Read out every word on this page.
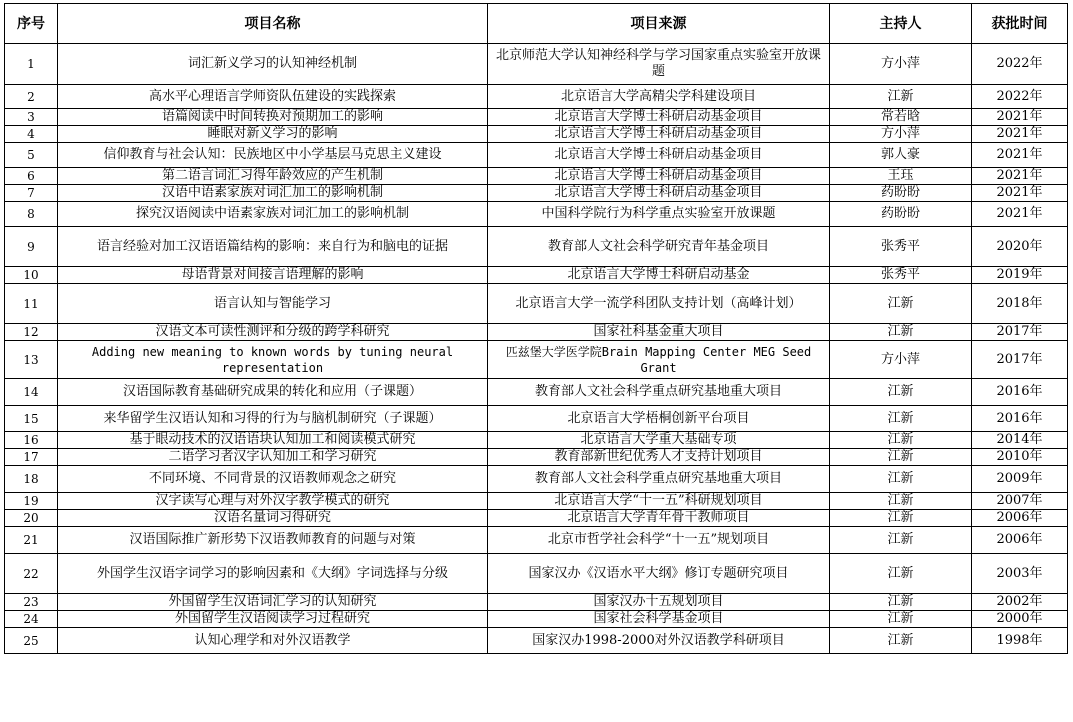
序号	项目名称	项目来源	主持人	获批时间
1	词汇新义学习的认知神经机制	北京师范大学认知神经科学与学习国家重点实验室开放课题	方小萍	2022年
2	高水平心理语言学师资队伍建设的实践探索	北京语言大学高精尖学科建设项目	江新	2022年
3	语篇阅读中时间转换对预期加工的影响	北京语言大学博士科研启动基金项目	常若晗	2021年
4	睡眠对新义学习的影响	北京语言大学博士科研启动基金项目	方小萍	2021年
5	信仰教育与社会认知：民族地区中小学基层马克思主义建设	北京语言大学博士科研启动基金项目	郭人豪	2021年
6	第二语言词汇习得年龄效应的产生机制	北京语言大学博士科研启动基金项目	王珏	2021年
7	汉语中语素家族对词汇加工的影响机制	北京语言大学博士科研启动基金项目	药盼盼	2021年
8	探究汉语阅读中语素家族对词汇加工的影响机制	中国科学院行为科学重点实验室开放课题	药盼盼	2021年
9	语言经验对加工汉语语篇结构的影响：来自行为和脑电的证据	教育部人文社会科学研究青年基金项目	张秀平	2020年
10	母语背景对间接言语理解的影响	北京语言大学博士科研启动基金	张秀平	2019年
11	语言认知与智能学习	北京语言大学一流学科团队支持计划（高峰计划）	江新	2018年
12	汉语文本可读性测评和分级的跨学科研究	国家社科基金重大项目	江新	2017年
13	Adding new meaning to known words by tuning neural representation	匹兹堡大学医学院Brain Mapping Center MEG Seed Grant	方小萍	2017年
14	汉语国际教育基础研究成果的转化和应用（子课题）	教育部人文社会科学重点研究基地重大项目	江新	2016年
15	来华留学生汉语认知和习得的行为与脑机制研究（子课题）	北京语言大学梧桐创新平台项目	江新	2016年
16	基于眼动技术的汉语语块认知加工和阅读模式研究	北京语言大学重大基础专项	江新	2014年
17	二语学习者汉字认知加工和学习研究	教育部新世纪优秀人才支持计划项目	江新	2010年
18	不同环境、不同背景的汉语教师观念之研究	教育部人文社会科学重点研究基地重大项目	江新	2009年
19	汉字读写心理与对外汉字教学模式的研究	北京语言大学“十一五”科研规划项目	江新	2007年
20	汉语名量词习得研究	北京语言大学青年骨干教师项目	江新	2006年
21	汉语国际推广新形势下汉语教师教育的问题与对策	北京市哲学社会科学“十一五”规划项目	江新	2006年
22	外国学生汉语字词学习的影响因素和《大纲》字词选择与分级	国家汉办《汉语水平大纲》修订专题研究项目	江新	2003年
23	外国留学生汉语词汇学习的认知研究	国家汉办十五规划项目	江新	2002年
24	外国留学生汉语阅读学习过程研究	国家社会科学基金项目	江新	2000年
25	认知心理学和对外汉语教学	国家汉办1998-2000对外汉语教学科研项目	江新	1998年
